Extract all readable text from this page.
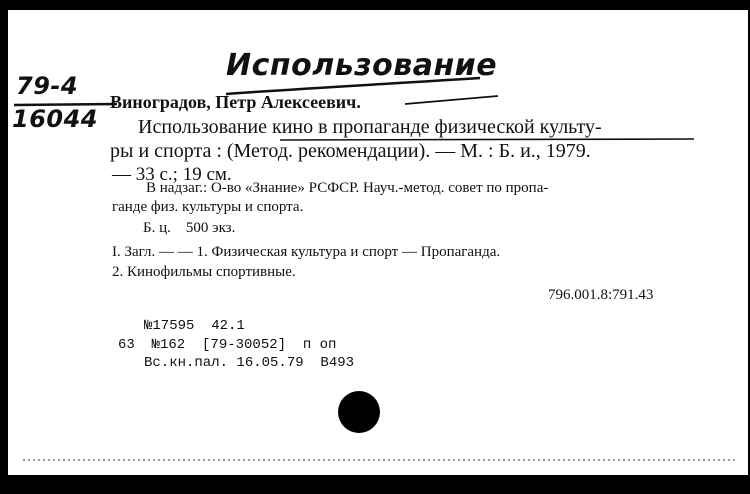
Использование
79-4
16044
Виноградов, Петр Алексеевич.
Использование кино в пропаганде физической культу-
ры и спорта : (Метод. рекомендации). — М. : Б. и., 1979.
— 33 с.; 19 см.
В надзаг.: О-во «Знание» РСФСР. Науч.-метод. совет по пропа-
ганде физ. культуры и спорта.
Б. ц.    500 экз.
I. Загл. — — 1. Физическая культура и спорт — Пропаганда.
2. Кинофильмы спортивные.
796.001.8:791.43
№17595  42.1
63  №162  [79-30052]  п оп
Вс.кн.пал. 16.05.79  В493
